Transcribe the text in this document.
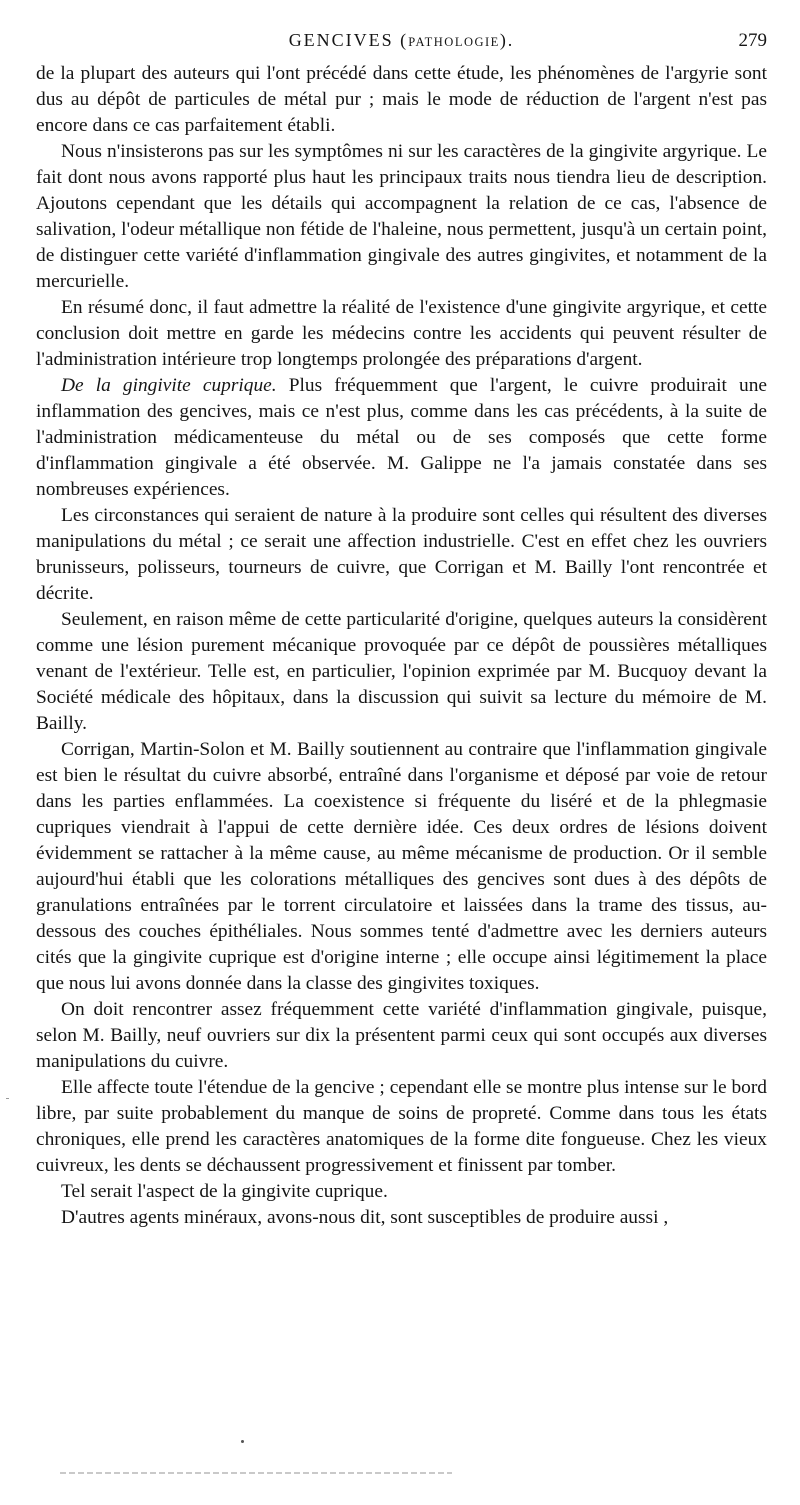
GENCIVES (PATHOLOGIE).	279

de la plupart des auteurs qui l'ont précédé dans cette étude, les phénomènes de l'argyrie sont dus au dépôt de particules de métal pur ; mais le mode de réduction de l'argent n'est pas encore dans ce cas parfaitement établi.

Nous n'insisterons pas sur les symptômes ni sur les caractères de la gingivite argyrique. Le fait dont nous avons rapporté plus haut les principaux traits nous tiendra lieu de description. Ajoutons cependant que les détails qui accompagnent la relation de ce cas, l'absence de salivation, l'odeur métallique non fétide de l'haleine, nous permettent, jusqu'à un certain point, de distinguer cette variété d'inflammation gingivale des autres gingivites, et notamment de la mercurielle.

En résumé donc, il faut admettre la réalité de l'existence d'une gingivite argyrique, et cette conclusion doit mettre en garde les médecins contre les accidents qui peuvent résulter de l'administration intérieure trop longtemps prolongée des préparations d'argent.

De la gingivite cuprique. Plus fréquemment que l'argent, le cuivre produirait une inflammation des gencives, mais ce n'est plus, comme dans les cas précédents, à la suite de l'administration médicamenteuse du métal ou de ses composés que cette forme d'inflammation gingivale a été observée. M. Galippe ne l'a jamais constatée dans ses nombreuses expériences.

Les circonstances qui seraient de nature à la produire sont celles qui résultent des diverses manipulations du métal ; ce serait une affection industrielle. C'est en effet chez les ouvriers brunisseurs, polisseurs, tourneurs de cuivre, que Corrigan et M. Bailly l'ont rencontrée et décrite.

Seulement, en raison même de cette particularité d'origine, quelques auteurs la considèrent comme une lésion purement mécanique provoquée par ce dépôt de poussières métalliques venant de l'extérieur. Telle est, en particulier, l'opinion exprimée par M. Bucquoy devant la Société médicale des hôpitaux, dans la discussion qui suivit sa lecture du mémoire de M. Bailly.

Corrigan, Martin-Solon et M. Bailly soutiennent au contraire que l'inflammation gingivale est bien le résultat du cuivre absorbé, entraîné dans l'organisme et déposé par voie de retour dans les parties enflammées. La coexistence si fréquente du liséré et de la phlegmasie cupriques viendrait à l'appui de cette dernière idée. Ces deux ordres de lésions doivent évidemment se rattacher à la même cause, au même mécanisme de production. Or il semble aujourd'hui établi que les colorations métalliques des gencives sont dues à des dépôts de granulations entraînées par le torrent circulatoire et laissées dans la trame des tissus, au-dessous des couches épithéliales. Nous sommes tenté d'admettre avec les derniers auteurs cités que la gingivite cuprique est d'origine interne ; elle occupe ainsi légitimement la place que nous lui avons donnée dans la classe des gingivites toxiques.

On doit rencontrer assez fréquemment cette variété d'inflammation gingivale, puisque, selon M. Bailly, neuf ouvriers sur dix la présentent parmi ceux qui sont occupés aux diverses manipulations du cuivre.

Elle affecte toute l'étendue de la gencive ; cependant elle se montre plus intense sur le bord libre, par suite probablement du manque de soins de propreté. Comme dans tous les états chroniques, elle prend les caractères anatomiques de la forme dite fongueuse. Chez les vieux cuivreux, les dents se déchaussent progressivement et finissent par tomber.

Tel serait l'aspect de la gingivite cuprique.

D'autres agents minéraux, avons-nous dit, sont susceptibles de produire aussi ,
